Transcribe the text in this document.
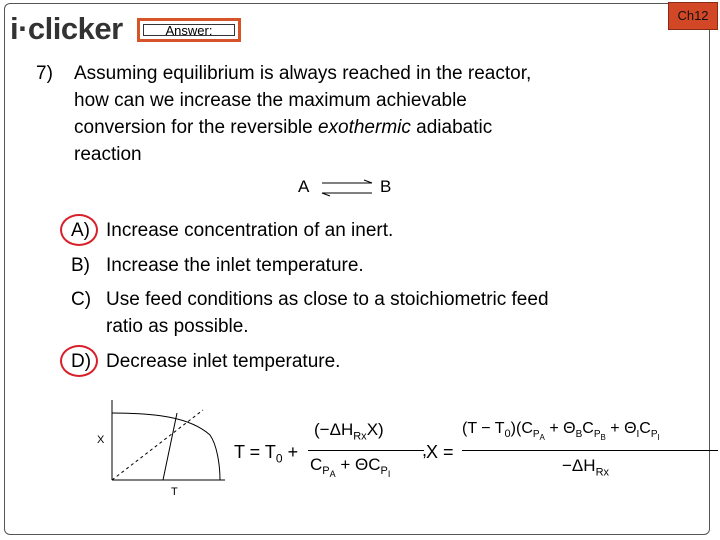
i·clicker	Answer:
Ch12
7) Assuming equilibrium is always reached in the reactor,
how can we increase the maximum achievable
conversion for the reversible exothermic adiabatic
reaction
A ⇌ B
A) Increase concentration of an inert.
B) Increase the inlet temperature.
C) Use feed conditions as close to a stoichiometric feed
ratio as possible.
D) Decrease inlet temperature.
X
T
$T = T_0$ +
$(-\Delta H_{Rx}X)$
$C_{P_A} + \Theta C_{P_I}$
,
X =
$(T - T_0)(C_{P_A} + \Theta_BC_{P_B} + \Theta_IC_{P_I}$
$-\Delta H_{Rx}$
